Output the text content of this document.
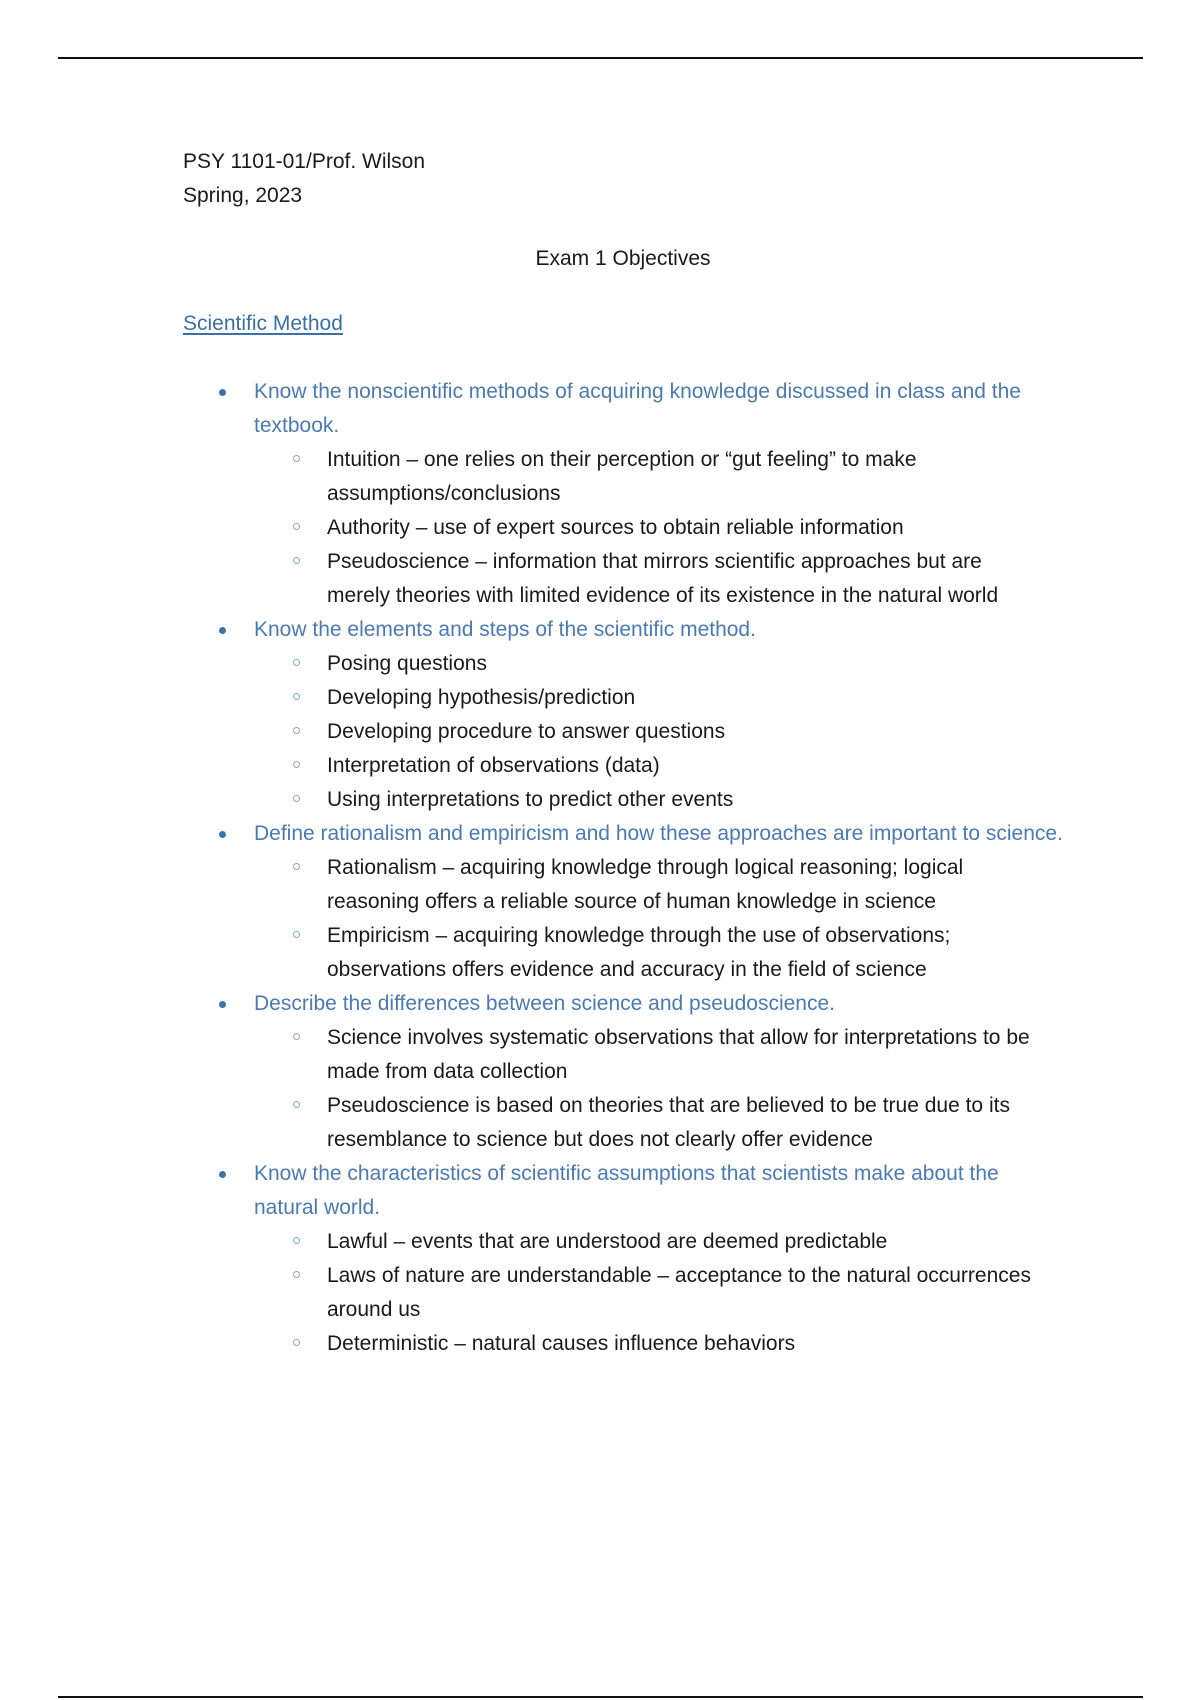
PSY 1101-01/Prof. Wilson

Spring, 2023

Exam 1 Objectives

Scientific Method
Know the nonscientific methods of acquiring knowledge discussed in class and the textbook.
Intuition – one relies on their perception or “gut feeling” to make assumptions/conclusions
Authority – use of expert sources to obtain reliable information
Pseudoscience – information that mirrors scientific approaches but are merely theories with limited evidence of its existence in the natural world
Know the elements and steps of the scientific method.
Posing questions
Developing hypothesis/prediction
Developing procedure to answer questions
Interpretation of observations (data)
Using interpretations to predict other events
Define rationalism and empiricism and how these approaches are important to science.
Rationalism – acquiring knowledge through logical reasoning; logical reasoning offers a reliable source of human knowledge in science
Empiricism – acquiring knowledge through the use of observations; observations offers evidence and accuracy in the field of science
Describe the differences between science and pseudoscience.
Science involves systematic observations that allow for interpretations to be made from data collection
Pseudoscience is based on theories that are believed to be true due to its resemblance to science but does not clearly offer evidence
Know the characteristics of scientific assumptions that scientists make about the natural world.
Lawful – events that are understood are deemed predictable
Laws of nature are understandable – acceptance to the natural occurrences around us
Deterministic – natural causes influence behaviors
